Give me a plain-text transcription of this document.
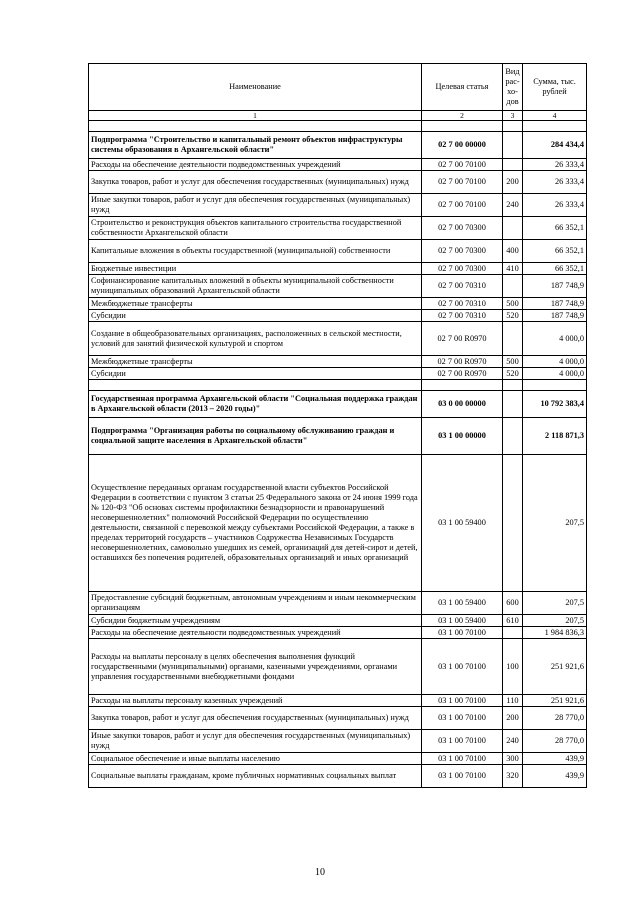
Наименование	Целевая статья	Вид рас-хо-дов	Сумма, тыс. рублей
1	2	3	4

Подпрограмма "Строительство и капитальный ремонт объектов инфраструктуры системы образования в Архангельской области"	02 7 00 00000		284 434,4
Расходы на обеспечение деятельности подведомственных учреждений	02 7 00 70100		26 333,4
Закупка товаров, работ и услуг для обеспечения государственных (муниципальных) нужд	02 7 00 70100	200	26 333,4
Иные закупки товаров, работ и услуг для обеспечения государственных (муниципальных) нужд	02 7 00 70100	240	26 333,4
Строительство и реконструкция объектов капитального строительства государственной собственности Архангельской области	02 7 00 70300		66 352,1
Капитальные вложения в объекты государственной (муниципальной) собственности	02 7 00 70300	400	66 352,1
Бюджетные инвестиции	02 7 00 70300	410	66 352,1
Софинансирование капитальных вложений в объекты муниципальной собственности муниципальных образований Архангельской области	02 7 00 70310		187 748,9
Межбюджетные трансферты	02 7 00 70310	500	187 748,9
Субсидии	02 7 00 70310	520	187 748,9
Создание в общеобразовательных организациях, расположенных в сельской местности, условий для занятий физической культурой и спортом	02 7 00 R0970		4 000,0
Межбюджетные трансферты	02 7 00 R0970	500	4 000,0
Субсидии	02 7 00 R0970	520	4 000,0

Государственная программа Архангельской области "Социальная поддержка граждан в Архангельской области (2013 – 2020 годы)"	03 0 00 00000		10 792 383,4
Подпрограмма "Организация работы по социальному обслуживанию граждан и социальной защите населения в Архангельской области"	03 1 00 00000		2 118 871,3
Осуществление переданных органам государственной власти субъектов Российской Федерации в соответствии с пунктом 3 статьи 25 Федерального закона от 24 июня 1999 года № 120-ФЗ "Об основах системы профилактики безнадзорности и правонарушений несовершеннолетних" полномочий Российской Федерации по осуществлению деятельности, связанной с перевозкой между субъектами Российской Федерации, а также в пределах территорий государств – участников Содружества Независимых Государств несовершеннолетних, самовольно ушедших из семей, организаций для детей-сирот и детей, оставшихся без попечения родителей, образовательных организаций и иных организаций	03 1 00 59400		207,5
Предоставление субсидий бюджетным, автономным учреждениям и иным некоммерческим организациям	03 1 00 59400	600	207,5
Субсидии бюджетным учреждениям	03 1 00 59400	610	207,5
Расходы на обеспечение деятельности подведомственных учреждений	03 1 00 70100		1 984 836,3
Расходы на выплаты персоналу в целях обеспечения выполнения функций государственными (муниципальными) органами, казенными учреждениями, органами управления государственными внебюджетными фондами	03 1 00 70100	100	251 921,6
Расходы на выплаты персоналу казенных учреждений	03 1 00 70100	110	251 921,6
Закупка товаров, работ и услуг для обеспечения государственных (муниципальных) нужд	03 1 00 70100	200	28 770,0
Иные закупки товаров, работ и услуг для обеспечения государственных (муниципальных) нужд	03 1 00 70100	240	28 770,0
Социальное обеспечение и иные выплаты населению	03 1 00 70100	300	439,9
Социальные выплаты гражданам, кроме публичных нормативных социальных выплат	03 1 00 70100	320	439,9
10
